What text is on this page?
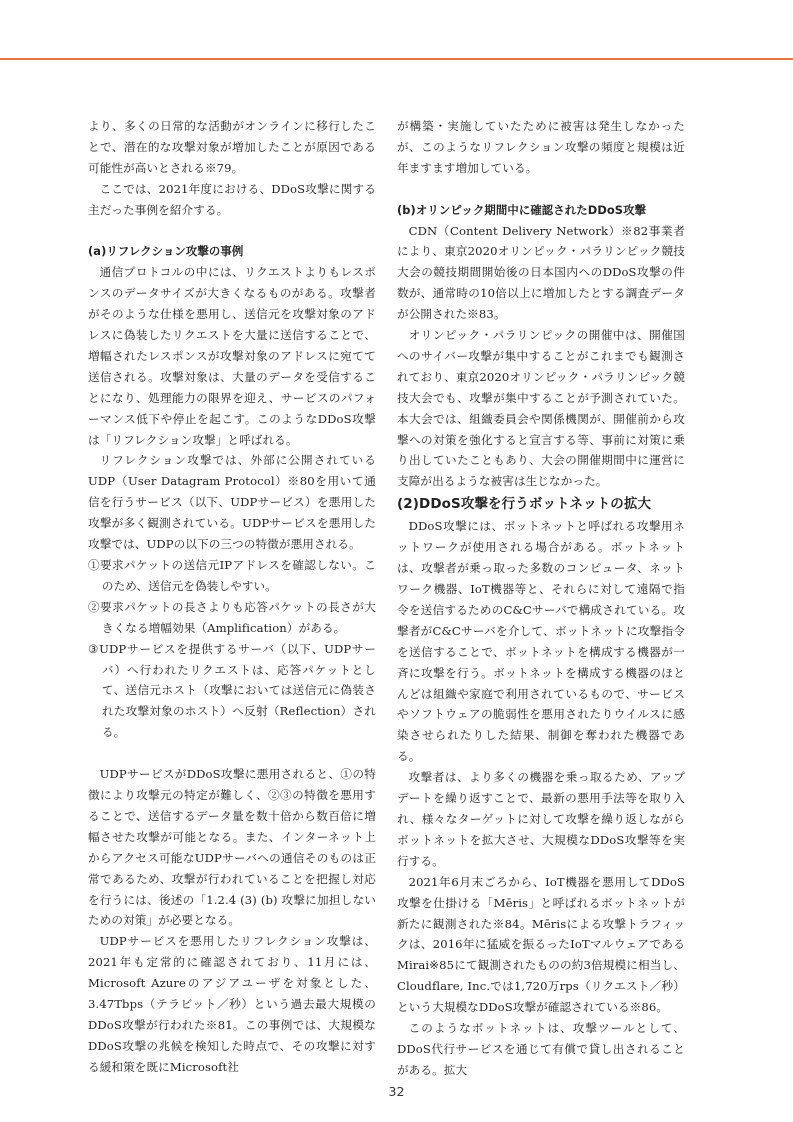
より、多くの日常的な活動がオンラインに移行したことで、潜在的な攻撃対象が増加したことが原因である可能性が高いとされる※79。

ここでは、2021年度における、DDoS攻撃に関する主だった事例を紹介する。

(a)リフレクション攻撃の事例

通信プロトコルの中には、リクエストよりもレスポンスのデータサイズが大きくなるものがある。攻撃者がそのような仕様を悪用し、送信元を攻撃対象のアドレスに偽装したリクエストを大量に送信することで、増幅されたレスポンスが攻撃対象のアドレスに宛てて送信される。攻撃対象は、大量のデータを受信することになり、処理能力の限界を迎え、サービスのパフォーマンス低下や停止を起こす。このようなDDoS攻撃は「リフレクション攻撃」と呼ばれる。

リフレクション攻撃では、外部に公開されているUDP（User Datagram Protocol）※80を用いて通信を行うサービス（以下、UDPサービス）を悪用した攻撃が多く観測されている。UDPサービスを悪用した攻撃では、UDPの以下の三つの特徴が悪用される。

①要求パケットの送信元IPアドレスを確認しない。このため、送信元を偽装しやすい。

②要求パケットの長さよりも応答パケットの長さが大きくなる増幅効果（Amplification）がある。

③UDPサービスを提供するサーバ（以下、UDPサーバ）へ行われたリクエストは、応答パケットとして、送信元ホスト（攻撃においては送信元に偽装された攻撃対象のホスト）へ反射（Reflection）される。

UDPサービスがDDoS攻撃に悪用されると、①の特徴により攻撃元の特定が難しく、②③の特徴を悪用することで、送信するデータ量を数十倍から数百倍に増幅させた攻撃が可能となる。また、インターネット上からアクセス可能なUDPサーバへの通信そのものは正常であるため、攻撃が行われていることを把握し対応を行うには、後述の「1.2.4 (3) (b) 攻撃に加担しないための対策」が必要となる。

UDPサービスを悪用したリフレクション攻撃は、2021年も定常的に確認されており、11月には、Microsoft Azureのアジアユーザを対象とした、3.47Tbps（テラビット／秒）という過去最大規模のDDoS攻撃が行われた※81。この事例では、大規模なDDoS攻撃の兆候を検知した時点で、その攻撃に対する緩和策を既にMicrosoft社

が構築・実施していたために被害は発生しなかったが、このようなリフレクション攻撃の頻度と規模は近年ますます増加している。

(b)オリンピック期間中に確認されたDDoS攻撃

CDN（Content Delivery Network）※82事業者により、東京2020オリンピック・パラリンピック競技大会の競技期間開始後の日本国内へのDDoS攻撃の件数が、通常時の10倍以上に増加したとする調査データが公開された※83。

オリンピック・パラリンピックの開催中は、開催国へのサイバー攻撃が集中することがこれまでも観測されており、東京2020オリンピック・パラリンピック競技大会でも、攻撃が集中することが予測されていた。本大会では、組織委員会や関係機関が、開催前から攻撃への対策を強化すると宣言する等、事前に対策に乗り出していたこともあり、大会の開催期間中に運営に支障が出るような被害は生じなかった。

(2)DDoS攻撃を行うボットネットの拡大

DDoS攻撃には、ボットネットと呼ばれる攻撃用ネットワークが使用される場合がある。ボットネットは、攻撃者が乗っ取った多数のコンピュータ、ネットワーク機器、IoT機器等と、それらに対して遠隔で指令を送信するためのC&Cサーバで構成されている。攻撃者がC&Cサーバを介して、ボットネットに攻撃指令を送信することで、ボットネットを構成する機器が一斉に攻撃を行う。ボットネットを構成する機器のほとんどは組織や家庭で利用されているもので、サービスやソフトウェアの脆弱性を悪用されたりウイルスに感染させられたりした結果、制御を奪われた機器である。

攻撃者は、より多くの機器を乗っ取るため、アップデートを繰り返すことで、最新の悪用手法等を取り入れ、様々なターゲットに対して攻撃を繰り返しながらボットネットを拡大させ、大規模なDDoS攻撃等を実行する。

2021年6月末ごろから、IoT機器を悪用してDDoS攻撃を仕掛ける「Mēris」と呼ばれるボットネットが新たに観測された※84。Mērisによる攻撃トラフィックは、2016年に猛威を振るったIoTマルウェアであるMirai※85にて観測されたものの約3倍規模に相当し、Cloudflare, Inc.では1,720万rps（リクエスト／秒）という大規模なDDoS攻撃が確認されている※86。

このようなボットネットは、攻撃ツールとして、DDoS代行サービスを通じて有償で貸し出されることがある。拡大

32
